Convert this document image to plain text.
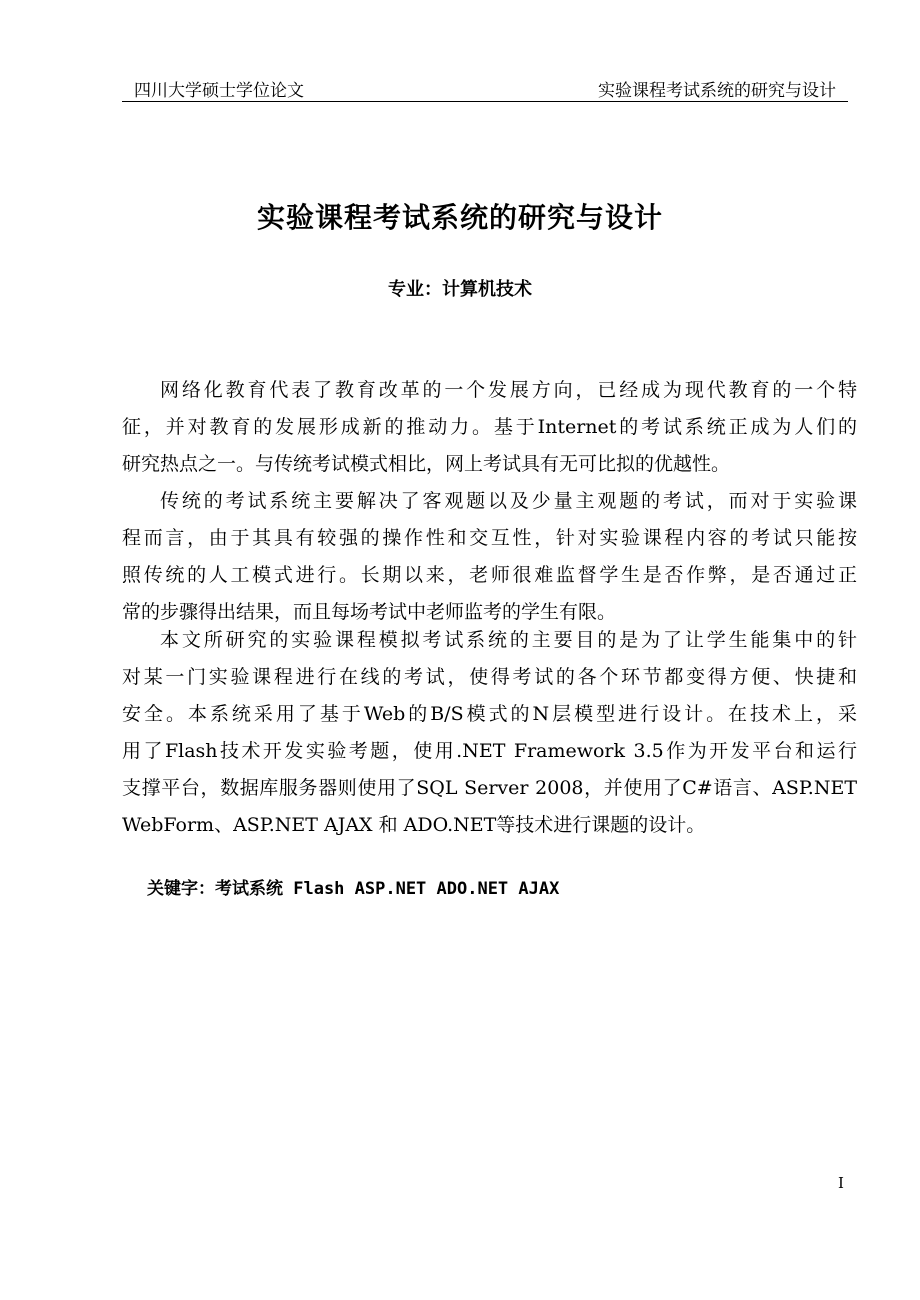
四川大学硕士学位论文	实验课程考试系统的研究与设计
实验课程考试系统的研究与设计
专业：计算机技术
网络化教育代表了教育改革的一个发展方向，已经成为现代教育的一个特
征，并对教育的发展形成新的推动力。基于Internet的考试系统正成为人们的
研究热点之一。与传统考试模式相比，网上考试具有无可比拟的优越性。
传统的考试系统主要解决了客观题以及少量主观题的考试，而对于实验课
程而言，由于其具有较强的操作性和交互性，针对实验课程内容的考试只能按
照传统的人工模式进行。长期以来，老师很难监督学生是否作弊，是否通过正
常的步骤得出结果，而且每场考试中老师监考的学生有限。
本文所研究的实验课程模拟考试系统的主要目的是为了让学生能集中的针
对某一门实验课程进行在线的考试，使得考试的各个环节都变得方便、快捷和
安全。本系统采用了基于Web的B/S模式的N层模型进行设计。在技术上，采
用了Flash技术开发实验考题，使用.NET Framework 3.5作为开发平台和运行
支撑平台，数据库服务器则使用了SQL Server 2008，并使用了C#语言、ASP.NET
WebForm、ASP.NET AJAX 和 ADO.NET等技术进行课题的设计。
关键字：考试系统 Flash ASP.NET ADO.NET AJAX
I
